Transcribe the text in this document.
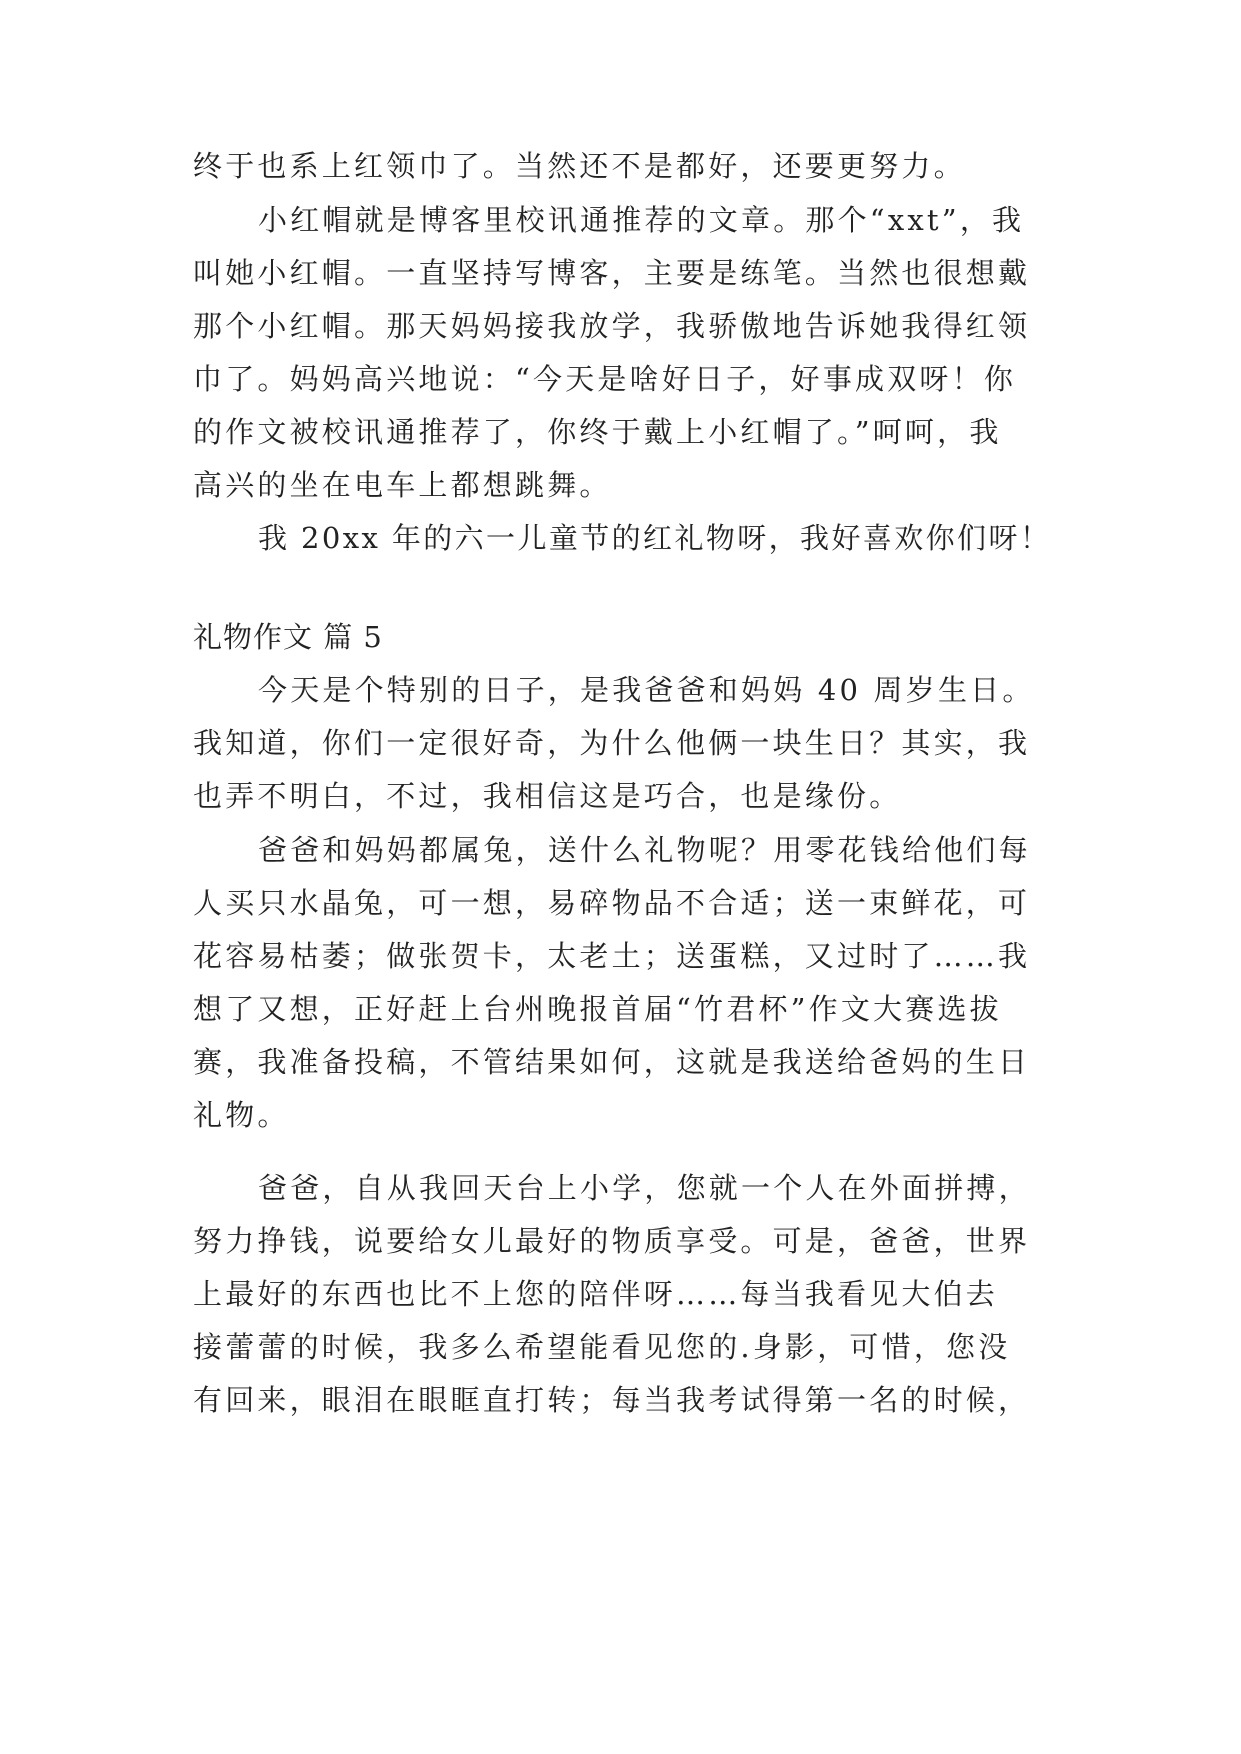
终于也系上红领巾了。当然还不是都好，还要更努力。
小红帽就是博客里校讯通推荐的文章。那个“xxt”，我
叫她小红帽。一直坚持写博客，主要是练笔。当然也很想戴
那个小红帽。那天妈妈接我放学，我骄傲地告诉她我得红领
巾了。妈妈高兴地说：“今天是啥好日子，好事成双呀！你
的作文被校讯通推荐了，你终于戴上小红帽了。”呵呵，我
高兴的坐在电车上都想跳舞。
我 20xx 年的六一儿童节的红礼物呀，我好喜欢你们呀！
礼物作文 篇 5
今天是个特别的日子，是我爸爸和妈妈 40 周岁生日。
我知道，你们一定很好奇，为什么他俩一块生日？其实，我
也弄不明白，不过，我相信这是巧合，也是缘份。
爸爸和妈妈都属兔，送什么礼物呢？用零花钱给他们每
人买只水晶兔，可一想，易碎物品不合适；送一束鲜花，可
花容易枯萎；做张贺卡，太老土；送蛋糕，又过时了……我
想了又想，正好赶上台州晚报首届“竹君杯”作文大赛选拔
赛，我准备投稿，不管结果如何，这就是我送给爸妈的生日
礼物。
爸爸，自从我回天台上小学，您就一个人在外面拼搏，
努力挣钱，说要给女儿最好的物质享受。可是，爸爸，世界
上最好的东西也比不上您的陪伴呀……每当我看见大伯去
接蕾蕾的时候，我多么希望能看见您的.身影，可惜，您没
有回来，眼泪在眼眶直打转；每当我考试得第一名的时候，
